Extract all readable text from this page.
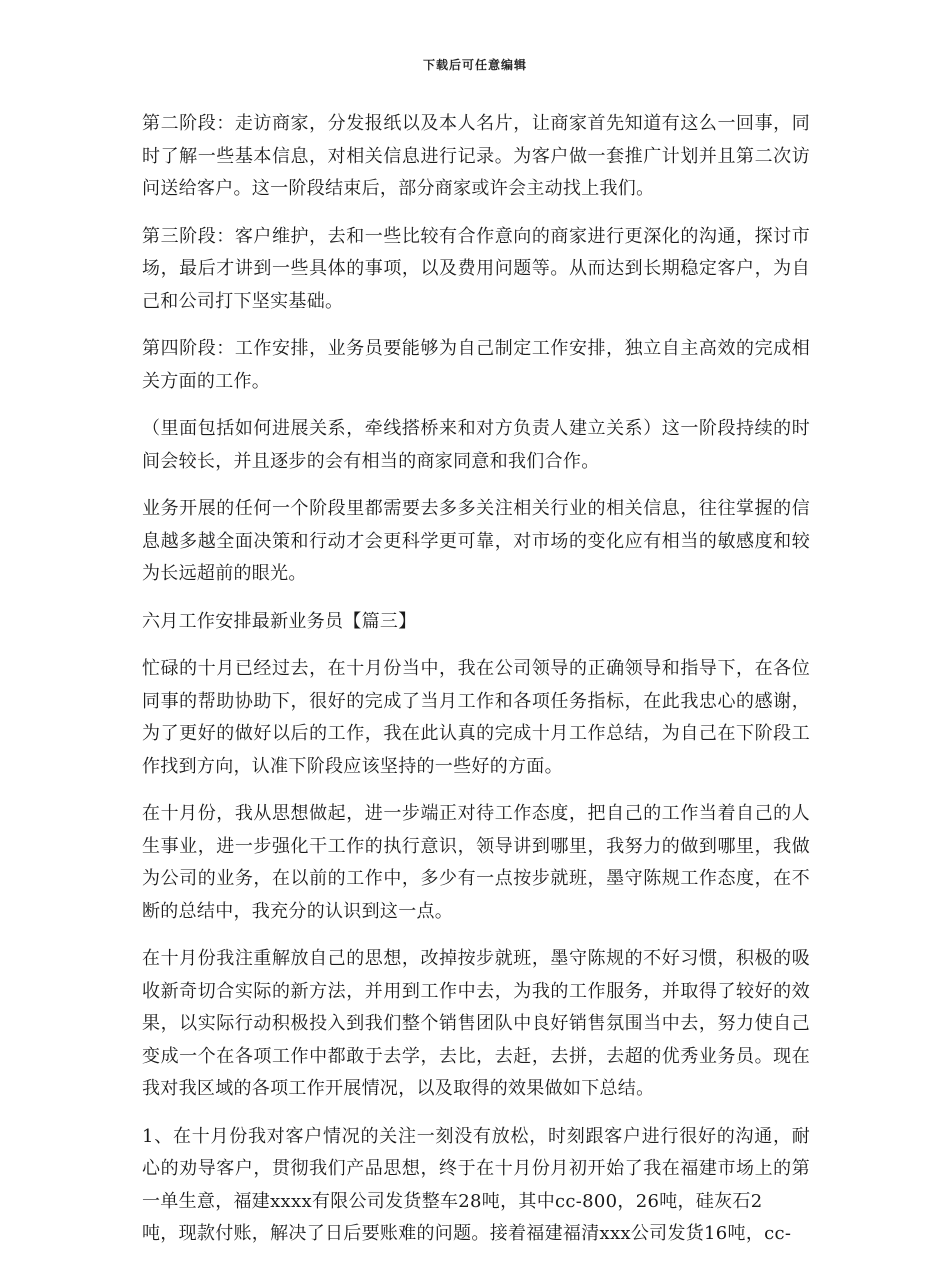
下载后可任意编辑

第二阶段：走访商家，分发报纸以及本人名片，让商家首先知道有这么一回事，同时了解一些基本信息，对相关信息进行记录。为客户做一套推广计划并且第二次访问送给客户。这一阶段结束后，部分商家或许会主动找上我们。

第三阶段：客户维护，去和一些比较有合作意向的商家进行更深化的沟通，探讨市场，最后才讲到一些具体的事项，以及费用问题等。从而达到长期稳定客户，为自己和公司打下坚实基础。

第四阶段：工作安排，业务员要能够为自己制定工作安排，独立自主高效的完成相关方面的工作。

（里面包括如何进展关系，牵线搭桥来和对方负责人建立关系）这一阶段持续的时间会较长，并且逐步的会有相当的商家同意和我们合作。

业务开展的任何一个阶段里都需要去多多关注相关行业的相关信息，往往掌握的信息越多越全面决策和行动才会更科学更可靠，对市场的变化应有相当的敏感度和较为长远超前的眼光。

六月工作安排最新业务员【篇三】

忙碌的十月已经过去，在十月份当中，我在公司领导的正确领导和指导下，在各位同事的帮助协助下，很好的完成了当月工作和各项任务指标，在此我忠心的感谢，为了更好的做好以后的工作，我在此认真的完成十月工作总结，为自己在下阶段工作找到方向，认准下阶段应该坚持的一些好的方面。

在十月份，我从思想做起，进一步端正对待工作态度，把自己的工作当着自己的人生事业，进一步强化干工作的执行意识，领导讲到哪里，我努力的做到哪里，我做为公司的业务，在以前的工作中，多少有一点按步就班，墨守陈规工作态度，在不断的总结中，我充分的认识到这一点。

在十月份我注重解放自己的思想，改掉按步就班，墨守陈规的不好习惯，积极的吸收新奇切合实际的新方法，并用到工作中去，为我的工作服务，并取得了较好的效果，以实际行动积极投入到我们整个销售团队中良好销售氛围当中去，努力使自己变成一个在各项工作中都敢于去学，去比，去赶，去拼，去超的优秀业务员。现在我对我区域的各项工作开展情况，以及取得的效果做如下总结。

1、在十月份我对客户情况的关注一刻没有放松，时刻跟客户进行很好的沟通，耐心的劝导客户，贯彻我们产品思想，终于在十月份月初开始了我在福建市场上的第一单生意，福建xxxx有限公司发货整车28吨，其中cc-800，26吨，硅灰石2
吨，现款付账，解决了日后要账难的问题。接着福建福清xxx公司发货16吨，cc-
